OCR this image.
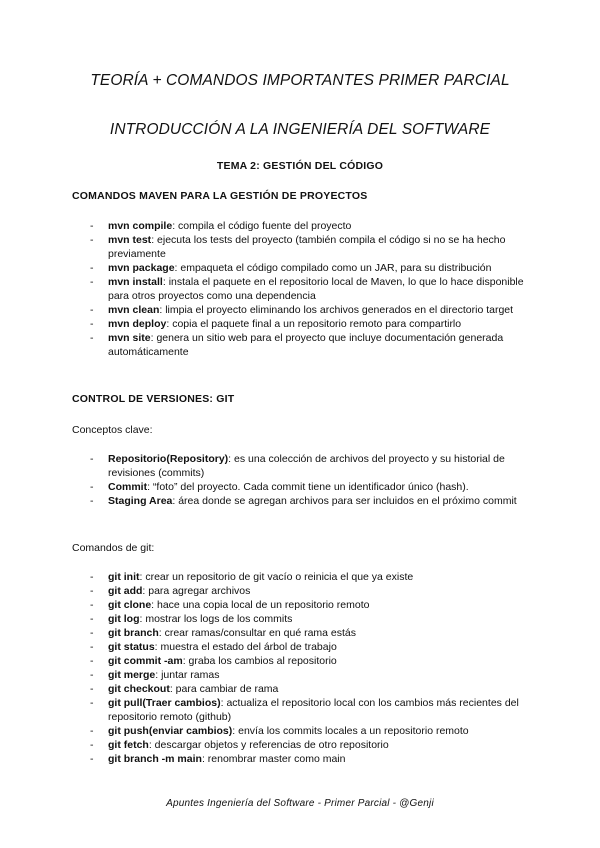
TEORÍA + COMANDOS IMPORTANTES PRIMER PARCIAL
INTRODUCCIÓN A LA INGENIERÍA DEL SOFTWARE
TEMA 2: GESTIÓN DEL CÓDIGO
COMANDOS MAVEN PARA LA GESTIÓN DE PROYECTOS
- mvn compile: compila el código fuente del proyecto
- mvn test: ejecuta los tests del proyecto (también compila el código si no se ha hecho previamente
- mvn package: empaqueta el código compilado como un JAR, para su distribución
- mvn install: instala el paquete en el repositorio local de Maven, lo que lo hace disponible para otros proyectos como una dependencia
- mvn clean: limpia el proyecto eliminando los archivos generados en el directorio target
- mvn deploy: copia el paquete final a un repositorio remoto para compartirlo
- mvn site: genera un sitio web para el proyecto que incluye documentación generada automáticamente
CONTROL DE VERSIONES: GIT
Conceptos clave:
- Repositorio(Repository): es una colección de archivos del proyecto y su historial de revisiones (commits)
- Commit: “foto” del proyecto. Cada commit tiene un identificador único (hash).
- Staging Area: área donde se agregan archivos para ser incluidos en el próximo commit
Comandos de git:
- git init: crear un repositorio de git vacío o reinicia el que ya existe
- git add: para agregar archivos
- git clone: hace una copia local de un repositorio remoto
- git log: mostrar los logs de los commits
- git branch: crear ramas/consultar en qué rama estás
- git status: muestra el estado del árbol de trabajo
- git commit -am: graba los cambios al repositorio
- git merge: juntar ramas
- git checkout: para cambiar de rama
- git pull(Traer cambios): actualiza el repositorio local con los cambios más recientes del repositorio remoto (github)
- git push(enviar cambios): envía los commits locales a un repositorio remoto
- git fetch: descargar objetos y referencias de otro repositorio
- git branch -m main: renombrar master como main
Apuntes Ingeniería del Software - Primer Parcial - @Genji
